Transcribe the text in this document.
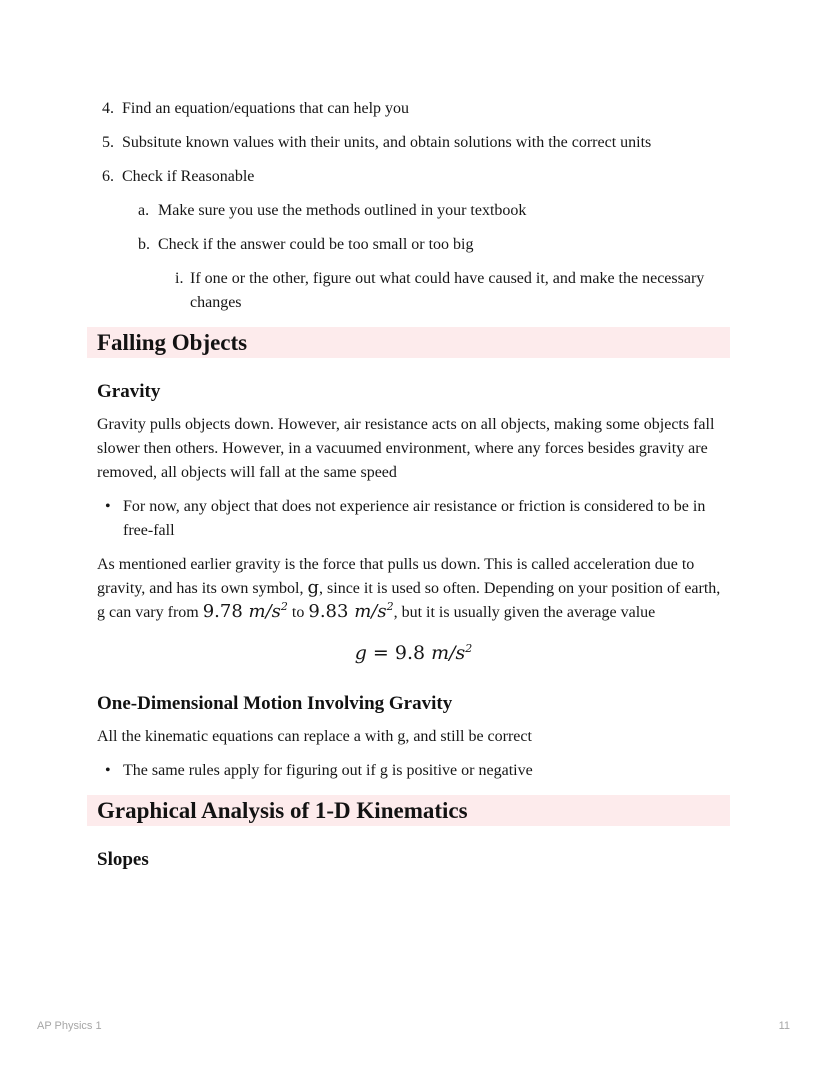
4. Find an equation/equations that can help you
5. Subsitute known values with their units, and obtain solutions with the correct units
6. Check if Reasonable
a. Make sure you use the methods outlined in your textbook
b. Check if the answer could be too small or too big
i. If one or the other, figure out what could have caused it, and make the necessary changes
Falling Objects
Gravity

Gravity pulls objects down. However, air resistance acts on all objects, making some objects fall slower then others. However, in a vacuumed environment, where any forces besides gravity are removed, all objects will fall at the same speed

• For now, any object that does not experience air resistance or friction is considered to be in free-fall

As mentioned earlier gravity is the force that pulls us down. This is called acceleration due to gravity, and has its own symbol, g, since it is used so often. Depending on your position of earth, g can vary from 9.78 $m/s^2$ to 9.83 $m/s^2$, but it is usually given the average value

g = 9.8 $m/s^2$
One-Dimensional Motion Involving Gravity

All the kinematic equations can replace a with g, and still be correct

• The same rules apply for figuring out if g is positive or negative
Graphical Analysis of 1-D Kinematics
Slopes
AP Physics 1	11
